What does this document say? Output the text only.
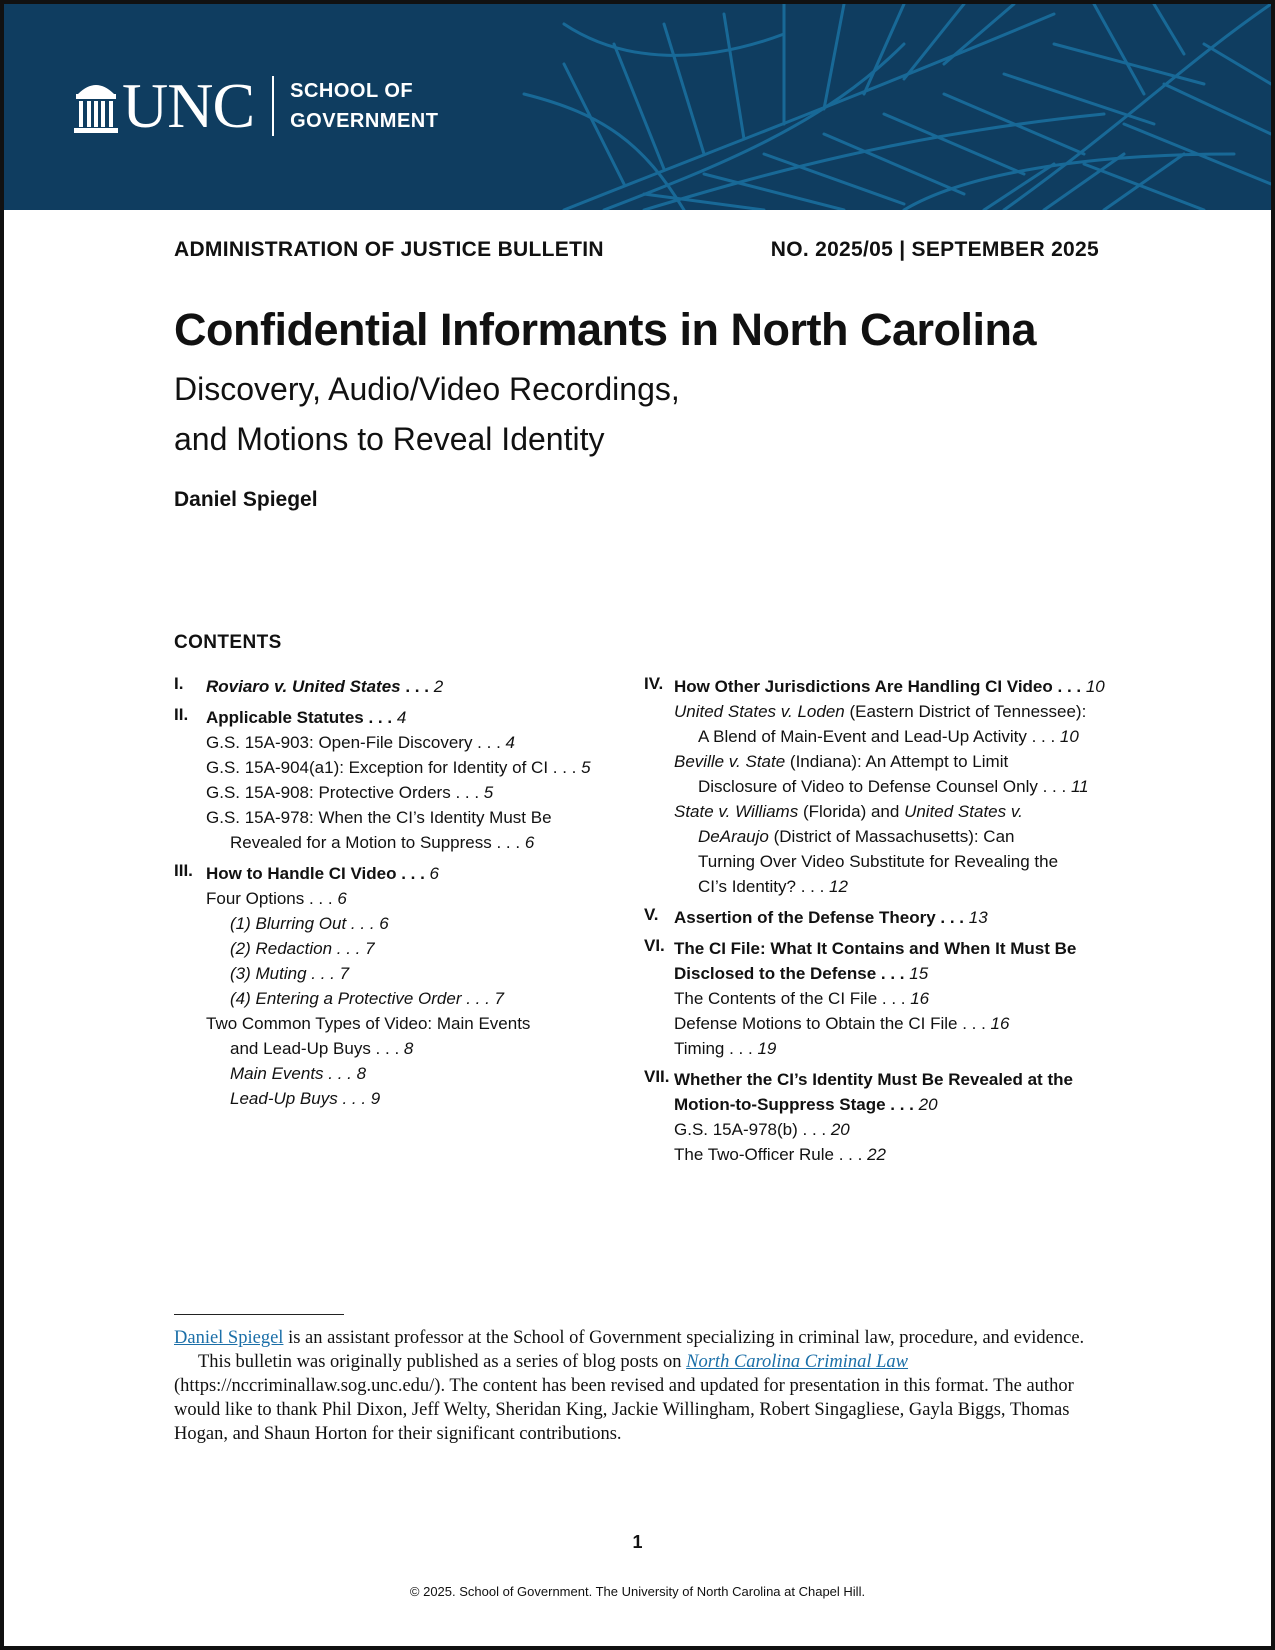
UNC SCHOOL OF
GOVERNMENT
ADMINISTRATION OF JUSTICE BULLETIN	NO. 2025/05 | SEPTEMBER 2025
Confidential Informants in North Carolina
Discovery, Audio/Video Recordings,
and Motions to Reveal Identity
Daniel Spiegel
CONTENTS
I. Roviaro v. United States . . . 2
II. Applicable Statutes . . . 4
G.S. 15A-903: Open-File Discovery . . . 4
G.S. 15A-904(a1): Exception for Identity of CI . . . 5
G.S. 15A-908: Protective Orders . . . 5
G.S. 15A-978: When the CI’s Identity Must Be
Revealed for a Motion to Suppress . . . 6
III. How to Handle CI Video . . . 6
Four Options . . . 6
(1) Blurring Out . . . 6
(2) Redaction . . . 7
(3) Muting . . . 7
(4) Entering a Protective Order . . . 7
Two Common Types of Video: Main Events
and Lead-Up Buys . . . 8
Main Events . . . 8
Lead-Up Buys . . . 9
IV. How Other Jurisdictions Are Handling CI Video . . . 10
United States v. Loden (Eastern District of Tennessee):
A Blend of Main-Event and Lead-Up Activity . . . 10
Beville v. State (Indiana): An Attempt to Limit
Disclosure of Video to Defense Counsel Only . . . 11
State v. Williams (Florida) and United States v.
DeAraujo (District of Massachusetts): Can
Turning Over Video Substitute for Revealing the
CI’s Identity? . . . 12
V. Assertion of the Defense Theory . . . 13
VI. The CI File: What It Contains and When It Must Be
Disclosed to the Defense . . . 15
The Contents of the CI File . . . 16
Defense Motions to Obtain the CI File . . . 16
Timing . . . 19
VII. Whether the CI’s Identity Must Be Revealed at the
Motion-to-Suppress Stage . . . 20
G.S. 15A-978(b) . . . 20
The Two-Officer Rule . . . 22

Daniel Spiegel is an assistant professor at the School of Government specializing in criminal law, procedure, and evidence.

This bulletin was originally published as a series of blog posts on North Carolina Criminal Law (https://nccriminallaw.sog.unc.edu/). The content has been revised and updated for presentation in this format. The author would like to thank Phil Dixon, Jeff Welty, Sheridan King, Jackie Willingham, Robert Singagliese, Gayla Biggs, Thomas Hogan, and Shaun Horton for their significant contributions.

1
© 2025. School of Government. The University of North Carolina at Chapel Hill.
